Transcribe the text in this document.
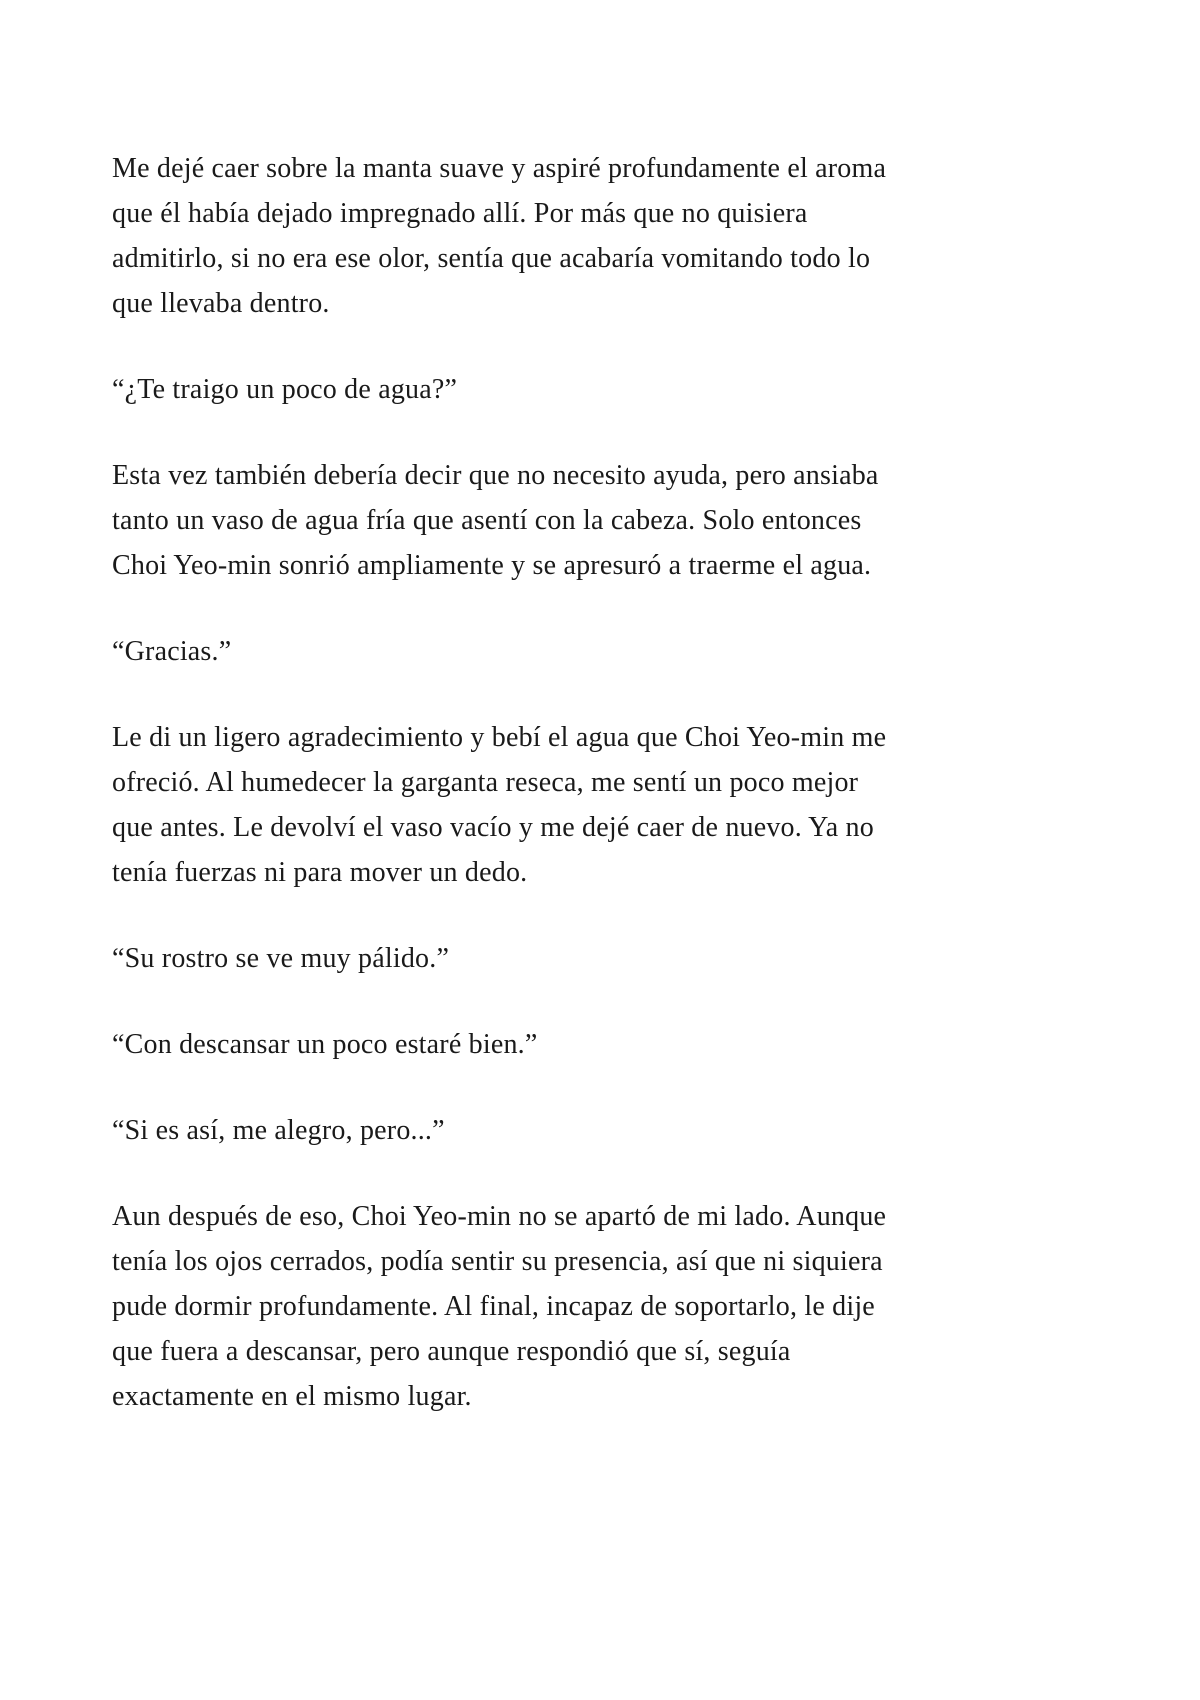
Me dejé caer sobre la manta suave y aspiré profundamente el aroma
que él había dejado impregnado allí. Por más que no quisiera
admitirlo, si no era ese olor, sentía que acabaría vomitando todo lo
que llevaba dentro.

“¿Te traigo un poco de agua?”

Esta vez también debería decir que no necesito ayuda, pero ansiaba
tanto un vaso de agua fría que asentí con la cabeza. Solo entonces
Choi Yeo-min sonrió ampliamente y se apresuró a traerme el agua.

“Gracias.”

Le di un ligero agradecimiento y bebí el agua que Choi Yeo-min me
ofreció. Al humedecer la garganta reseca, me sentí un poco mejor
que antes. Le devolví el vaso vacío y me dejé caer de nuevo. Ya no
tenía fuerzas ni para mover un dedo.

“Su rostro se ve muy pálido.”

“Con descansar un poco estaré bien.”

“Si es así, me alegro, pero...”

Aun después de eso, Choi Yeo-min no se apartó de mi lado. Aunque
tenía los ojos cerrados, podía sentir su presencia, así que ni siquiera
pude dormir profundamente. Al final, incapaz de soportarlo, le dije
que fuera a descansar, pero aunque respondió que sí, seguía
exactamente en el mismo lugar.
